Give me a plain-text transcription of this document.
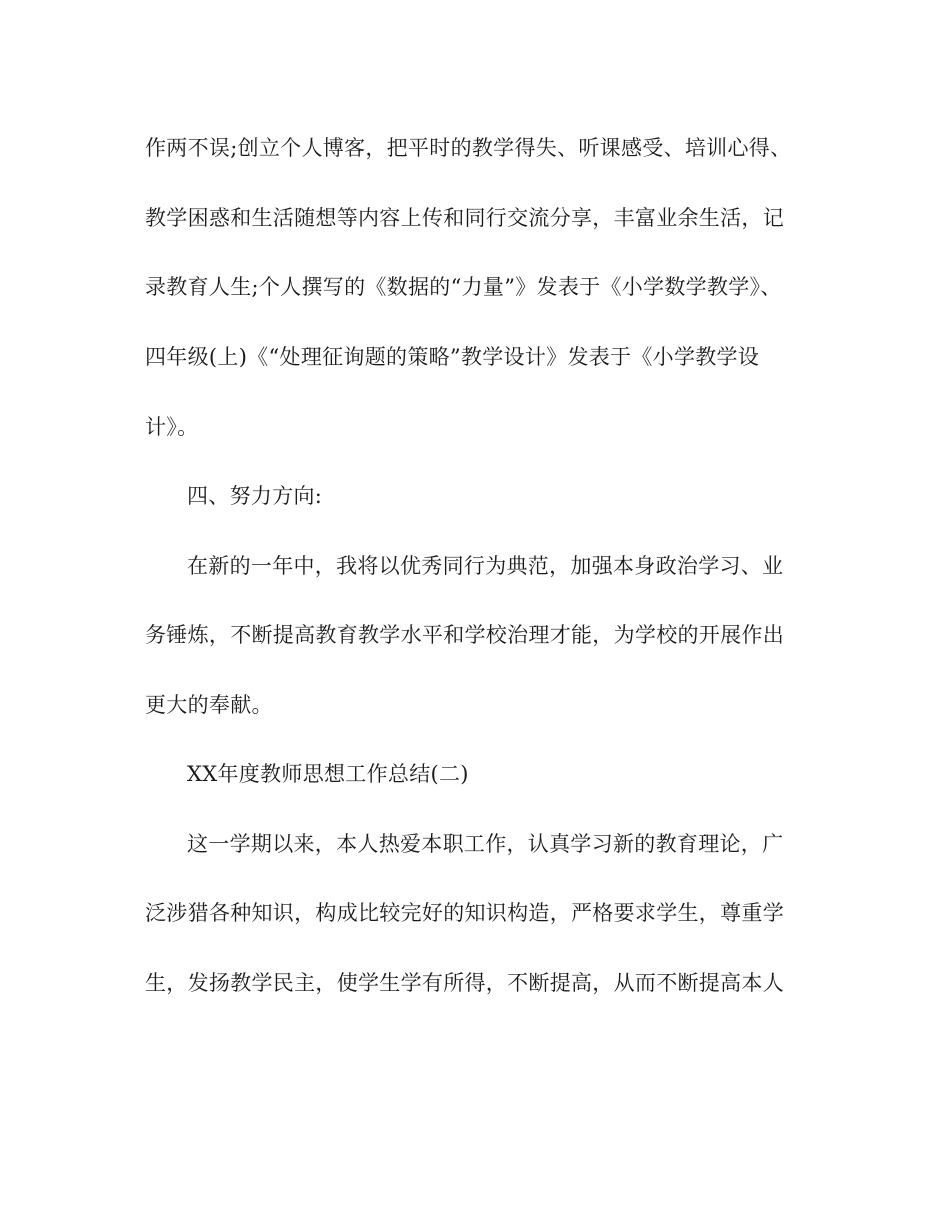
作两不误;创立个人博客，把平时的教学得失、听课感受、培训心得、
教学困惑和生活随想等内容上传和同行交流分享，丰富业余生活，记
录教育人生;个人撰写的《数据的“力量”》发表于《小学数学教学》、
四年级(上)《“处理征询题的策略”教学设计》发表于《小学教学设
计》。
四、努力方向:
在新的一年中，我将以优秀同行为典范，加强本身政治学习、业
务锤炼，不断提高教育教学水平和学校治理才能，为学校的开展作出
更大的奉献。
XX年度教师思想工作总结(二)
这一学期以来，本人热爱本职工作，认真学习新的教育理论，广
泛涉猎各种知识，构成比较完好的知识构造，严格要求学生，尊重学
生，发扬教学民主，使学生学有所得，不断提高，从而不断提高本人
